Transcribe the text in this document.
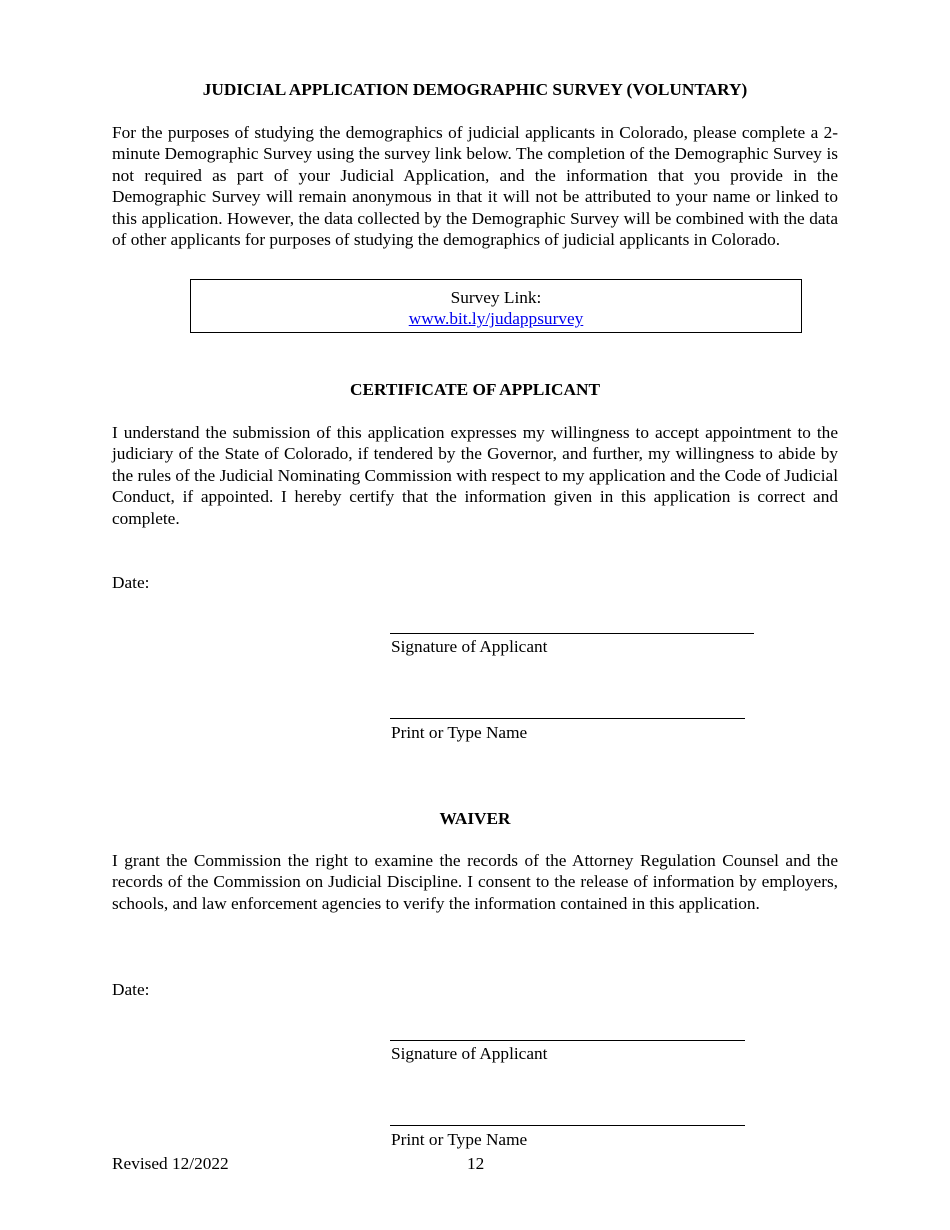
JUDICIAL APPLICATION DEMOGRAPHIC SURVEY (VOLUNTARY)

For the purposes of studying the demographics of judicial applicants in Colorado, please complete a 2-minute Demographic Survey using the survey link below. The completion of the Demographic Survey is not required as part of your Judicial Application, and the information that you provide in the Demographic Survey will remain anonymous in that it will not be attributed to your name or linked to this application. However, the data collected by the Demographic Survey will be combined with the data of other applicants for purposes of studying the demographics of judicial applicants in Colorado.

Survey Link:
www.bit.ly/judappsurvey
CERTIFICATE OF APPLICANT

I understand the submission of this application expresses my willingness to accept appointment to the judiciary of the State of Colorado, if tendered by the Governor, and further, my willingness to abide by the rules of the Judicial Nominating Commission with respect to my application and the Code of Judicial Conduct, if appointed. I hereby certify that the information given in this application is correct and complete.

Date:
Signature of Applicant
Print or Type Name
WAIVER

I grant the Commission the right to examine the records of the Attorney Regulation Counsel and the records of the Commission on Judicial Discipline. I consent to the release of information by employers, schools, and law enforcement agencies to verify the information contained in this application.

Date:
Signature of Applicant
Print or Type Name
Revised 12/2022	12
